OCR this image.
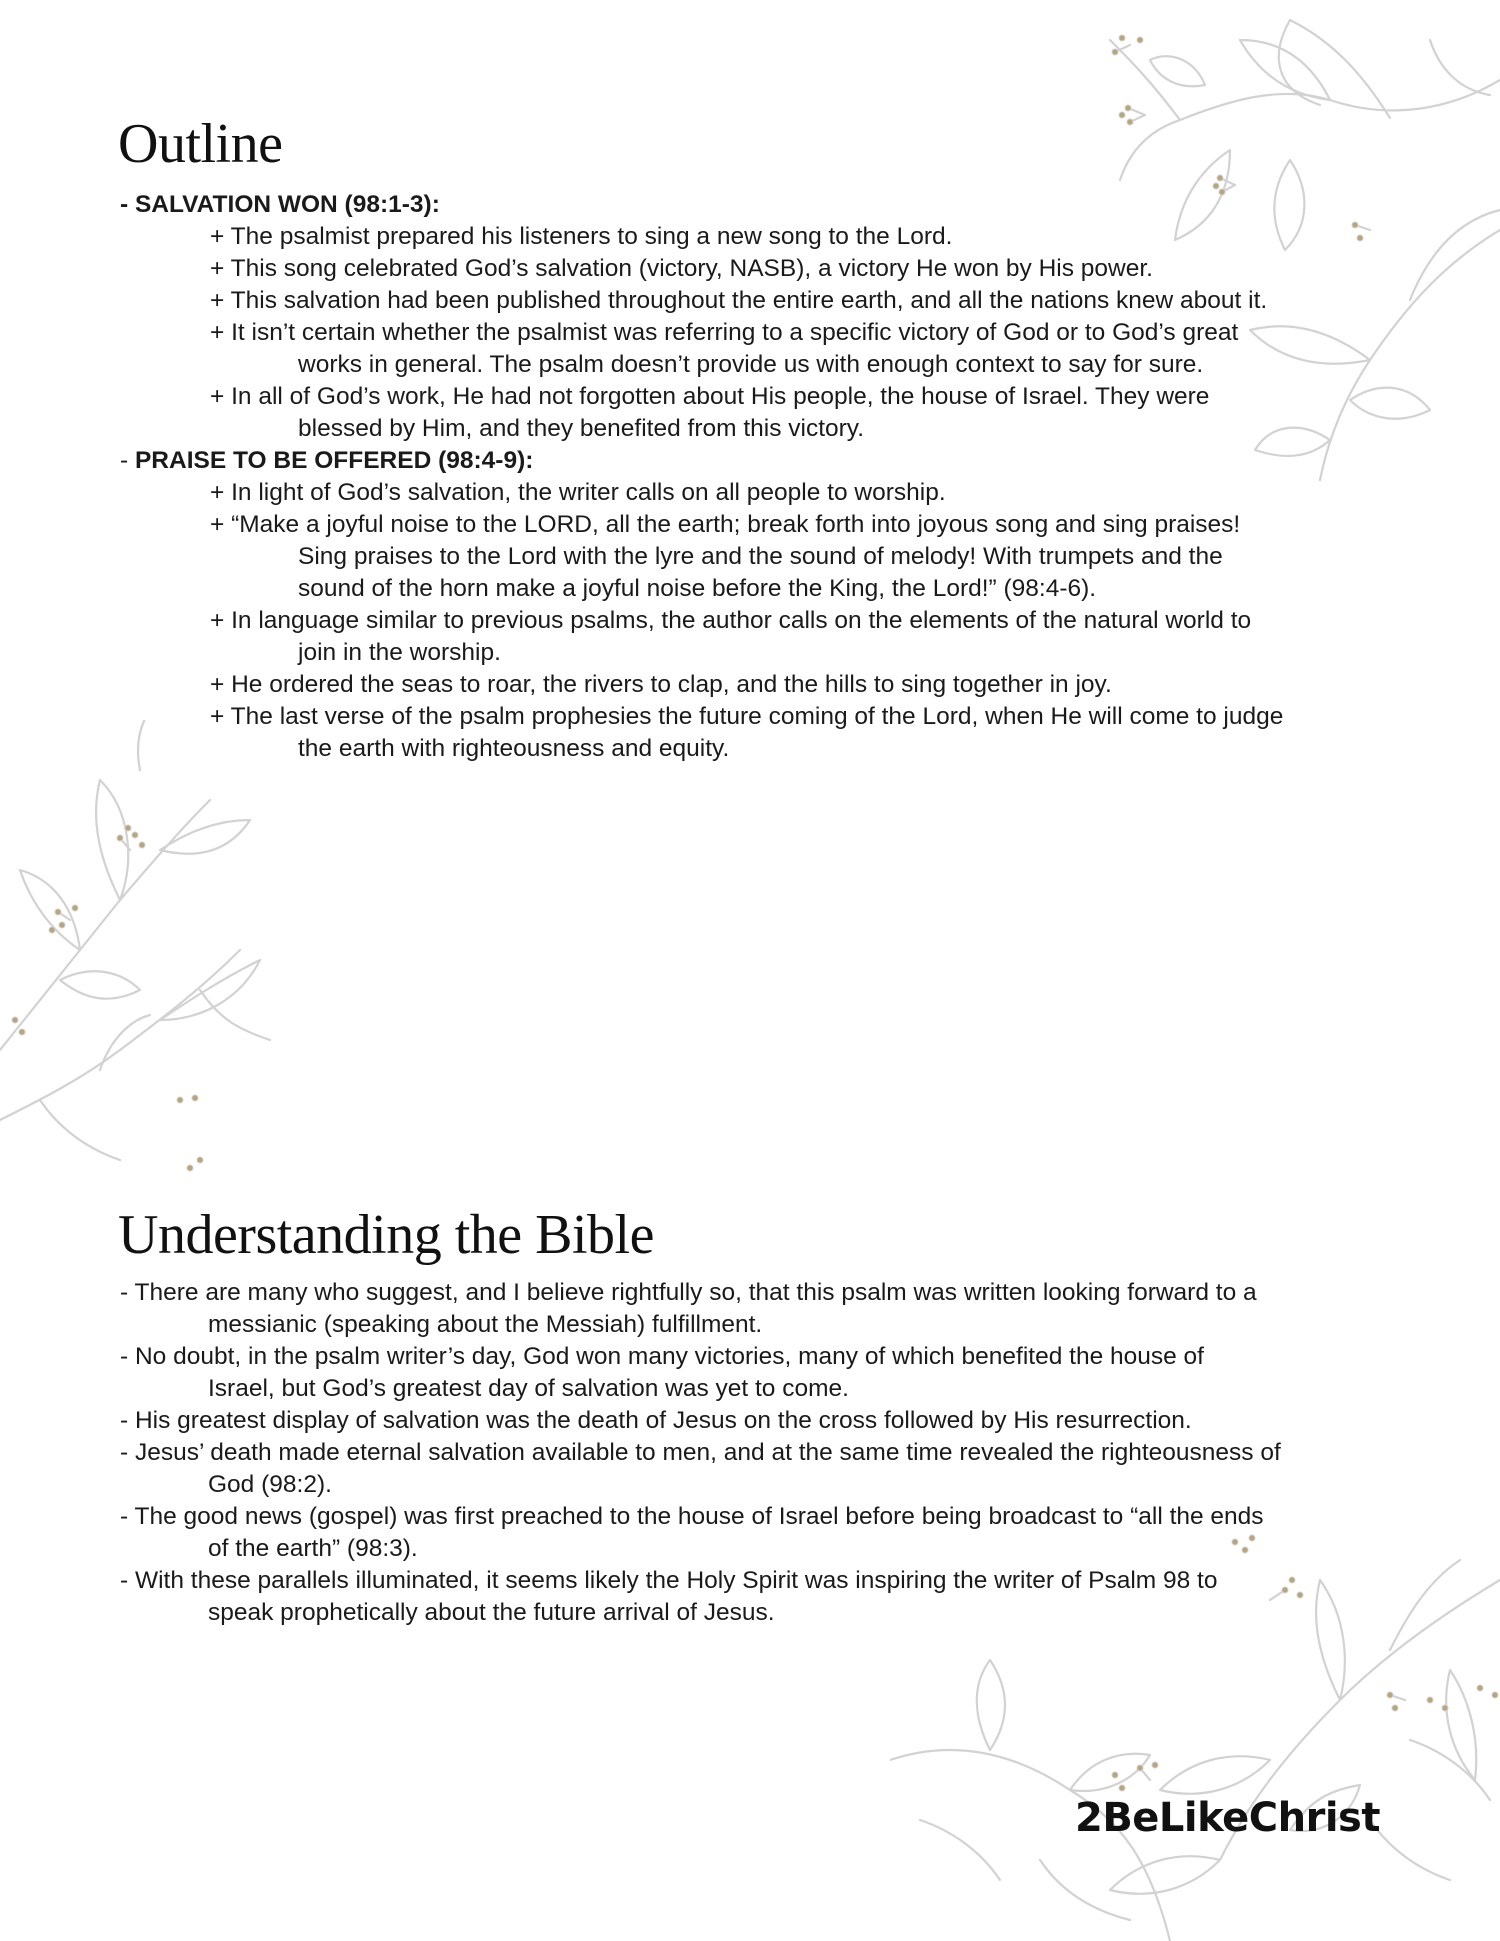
Outline
- SALVATION WON (98:1-3):
+ The psalmist prepared his listeners to sing a new song to the Lord.
+ This song celebrated God’s salvation (victory, NASB), a victory He won by His power.
+ This salvation had been published throughout the entire earth, and all the nations knew about it.
+ It isn’t certain whether the psalmist was referring to a specific victory of God or to God’s great
works in general. The psalm doesn’t provide us with enough context to say for sure.
+ In all of God’s work, He had not forgotten about His people, the house of Israel. They were
blessed by Him, and they benefited from this victory.
- PRAISE TO BE OFFERED (98:4-9):
+ In light of God’s salvation, the writer calls on all people to worship.
+ “Make a joyful noise to the LORD, all the earth; break forth into joyous song and sing praises!
Sing praises to the Lord with the lyre and the sound of melody! With trumpets and the
sound of the horn make a joyful noise before the King, the Lord!” (98:4-6).
+ In language similar to previous psalms, the author calls on the elements of the natural world to
join in the worship.
+ He ordered the seas to roar, the rivers to clap, and the hills to sing together in joy.
+ The last verse of the psalm prophesies the future coming of the Lord, when He will come to judge
the earth with righteousness and equity.
Understanding the Bible
- There are many who suggest, and I believe rightfully so, that this psalm was written looking forward to a
messianic (speaking about the Messiah) fulfillment.
- No doubt, in the psalm writer’s day, God won many victories, many of which benefited the house of
Israel, but God’s greatest day of salvation was yet to come.
- His greatest display of salvation was the death of Jesus on the cross followed by His resurrection.
- Jesus’ death made eternal salvation available to men, and at the same time revealed the righteousness of
God (98:2).
- The good news (gospel) was first preached to the house of Israel before being broadcast to “all the ends
of the earth” (98:3).
- With these parallels illuminated, it seems likely the Holy Spirit was inspiring the writer of Psalm 98 to
speak prophetically about the future arrival of Jesus.
2BeLikeChrist
